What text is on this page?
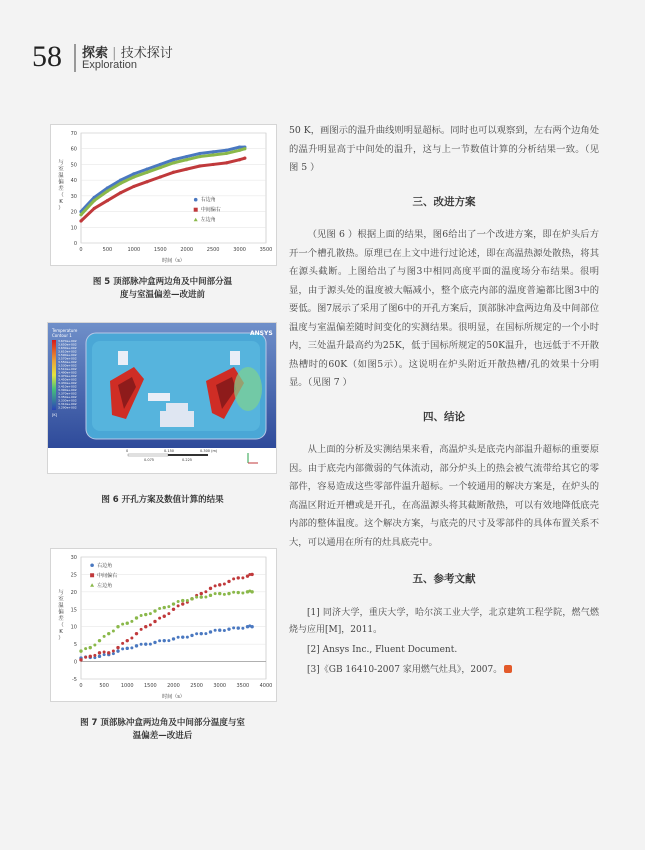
58 探索 | 技术探讨
Exploration
0
10
20
30
40
50
60
70
0	500	1000	1500	2000	2500	3000	3500
时间（s）
与
室
温
偏
差
（
K
）
右边角
中间偏右
左边角
图 5 顶部脉冲盒两边角及中间部分温
度与室温偏差—改进前
ANSYS
Temperature
Contour 1
3.670e+002
3.650e+002
3.630e+002
3.610e+002
3.590e+002
3.570e+002
3.550e+002
3.530e+002
3.510e+002
3.490e+002
3.470e+002
3.450e+002
3.430e+002
3.410e+002
3.390e+002
3.370e+002
3.350e+002
3.330e+002
3.310e+002
3.290e+002
[K]
0	0.150	0.300 (m)
0.075	0.225
图 6 开孔方案及数值计算的结果
-5
0
5
10
15
20
25
30
0	500 1000 1500 2000 2500 3000 3500 4000
时间（s）
与
室
温
偏
差
（
K
）
右边角
中间偏右
左边角
图 7 顶部脉冲盒两边角及中间部分温度与室
温偏差—改进后

50 K，画图示的温升曲线则明显超标。同时也可以观察到，左右两个边角处的温升明显高于中间处的温升，这与上一节数值计算的分析结果一致。（见图 5 ）

三、改进方案

（见图 6 ）根据上面的结果，图6给出了一个改进方案，即在炉头后方开一个槽孔散热。原理已在上文中进行过论述，即在高温热源处散热，将其在源头截断。上图给出了与图3中相同高度平面的温度场分布结果。很明显，由于源头处的温度被大幅减小，整个底壳内部的温度普遍都比图3中的要低。图7展示了采用了图6中的开孔方案后，顶部脉冲盒两边角及中间部位温度与室温偏差随时间变化的实测结果。很明显，在国标所规定的一个小时内，三处温升最高约为25K，低于国标所规定的50K温升，也远低于不开散热槽时的60K（如图5示）。这说明在炉头附近开散热槽/孔的效果十分明显。（见图 7 ）

四、结论

从上面的分析及实测结果来看，高温炉头是底壳内部温升超标的重要原因。由于底壳内部微弱的气体流动，部分炉头上的热会被气流带给其它的零部件，容易造成这些零部件温升超标。一个较通用的解决方案是，在炉头的高温区附近开槽或是开孔，在高温源头将其截断散热，可以有效地降低底壳内部的整体温度。这个解决方案，与底壳的尺寸及零部件的具体布置关系不大，可以通用在所有的灶具底壳中。

五、参考文献

[1] 同济大学，重庆大学，哈尔滨工业大学，北京建筑工程学院，燃气燃烧与应用[M]，2011。

[2] Ansys Inc., Fluent Document.

[3]《GB 16410-2007 家用燃气灶具》，2007。
